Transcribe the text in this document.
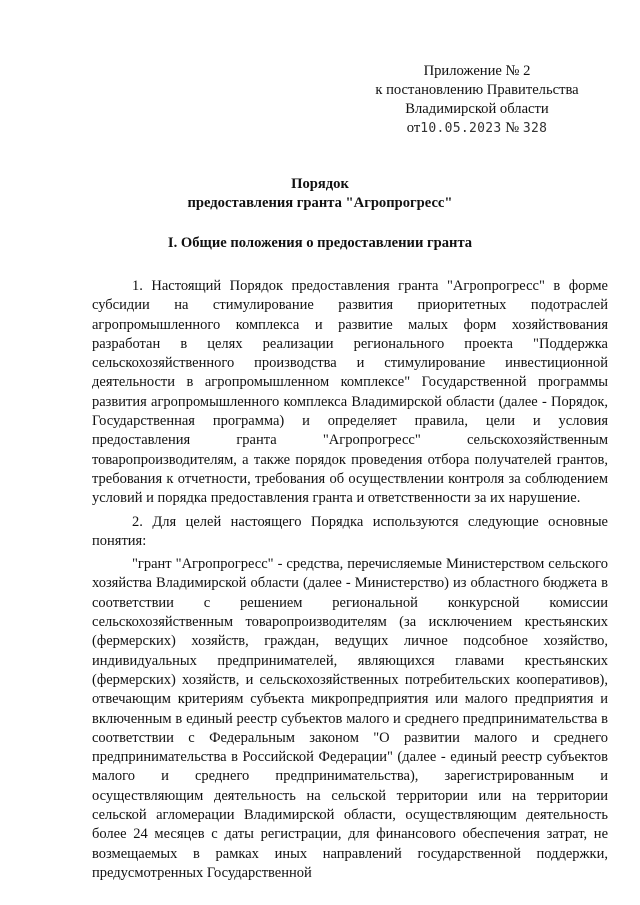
Приложение № 2
к постановлению Правительства
Владимирской области
от10.05.2023 № 328
Порядок
предоставления гранта "Агропрогресс"
I. Общие положения о предоставлении гранта

1. Настоящий Порядок предоставления гранта "Агропрогресс" в форме субсидии на стимулирование развития приоритетных подотраслей агропромышленного комплекса и развитие малых форм хозяйствования разработан в целях реализации регионального проекта "Поддержка сельскохозяйственного производства и стимулирование инвестиционной деятельности в агропромышленном комплексе" Государственной программы развития агропромышленного комплекса Владимирской области (далее - Порядок, Государственная программа) и определяет правила, цели и условия предоставления гранта "Агропрогресс" сельскохозяйственным товаропроизводителям, а также порядок проведения отбора получателей грантов, требования к отчетности, требования об осуществлении контроля за соблюдением условий и порядка предоставления гранта и ответственности за их нарушение.

2. Для целей настоящего Порядка используются следующие основные понятия:

"грант "Агропрогресс" - средства, перечисляемые Министерством сельского хозяйства Владимирской области (далее - Министерство) из областного бюджета в соответствии с решением региональной конкурсной комиссии сельскохозяйственным товаропроизводителям (за исключением крестьянских (фермерских) хозяйств, граждан, ведущих личное подсобное хозяйство, индивидуальных предпринимателей, являющихся главами крестьянских (фермерских) хозяйств, и сельскохозяйственных потребительских кооперативов), отвечающим критериям субъекта микропредприятия или малого предприятия и включенным в единый реестр субъектов малого и среднего предпринимательства в соответствии с Федеральным законом "О развитии малого и среднего предпринимательства в Российской Федерации" (далее - единый реестр субъектов малого и среднего предпринимательства), зарегистрированным и осуществляющим деятельность на сельской территории или на территории сельской агломерации Владимирской области, осуществляющим деятельность более 24 месяцев с даты регистрации, для финансового обеспечения затрат, не возмещаемых в рамках иных направлений государственной поддержки, предусмотренных Государственной
